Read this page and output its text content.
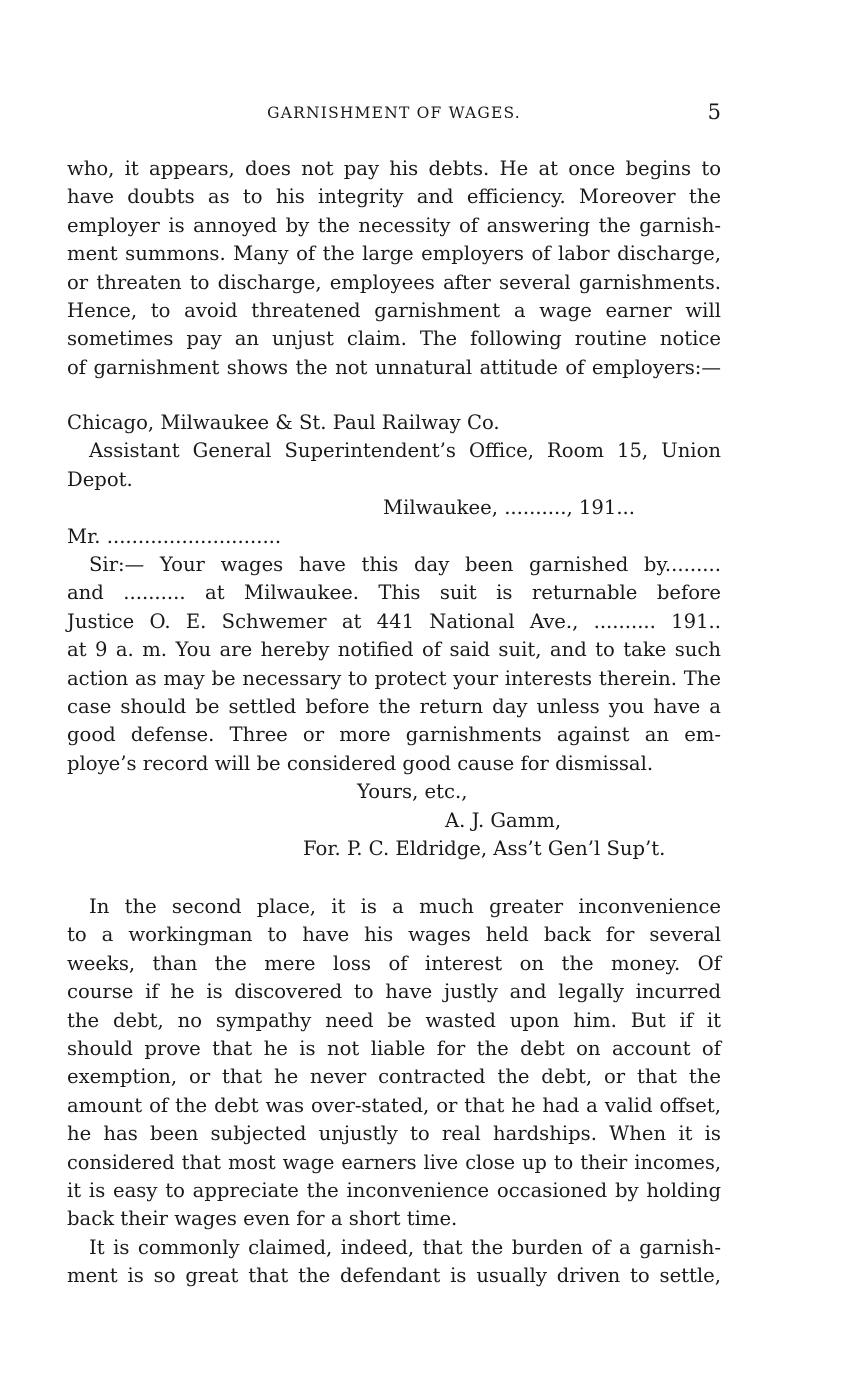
GARNISHMENT OF WAGES.	5
who, it appears, does not pay his debts. He at once begins to
have doubts as to his integrity and efficiency. Moreover the
employer is annoyed by the necessity of answering the garnish-
ment summons. Many of the large employers of labor discharge,
or threaten to discharge, employees after several garnishments.
Hence, to avoid threatened garnishment a wage earner will
sometimes pay an unjust claim. The following routine notice
of garnishment shows the not unnatural attitude of employers:—
Chicago, Milwaukee & St. Paul Railway Co.
Assistant General Superintendent’s Office, Room 15, Union
Depot.
Milwaukee, .........., 191...
Mr. ............................
Sir:— Your wages have this day been garnished by.........
and .......... at Milwaukee. This suit is returnable before
Justice O. E. Schwemer at 441 National Ave., .......... 191..
at 9 a. m. You are hereby notified of said suit, and to take such
action as may be necessary to protect your interests therein. The
case should be settled before the return day unless you have a
good defense. Three or more garnishments against an em-
ploye’s record will be considered good cause for dismissal.
Yours, etc.,
A. J. Gamm,
For. P. C. Eldridge, Ass’t Gen’l Sup’t.
In the second place, it is a much greater inconvenience
to a workingman to have his wages held back for several
weeks, than the mere loss of interest on the money. Of
course if he is discovered to have justly and legally incurred
the debt, no sympathy need be wasted upon him. But if it
should prove that he is not liable for the debt on account of
exemption, or that he never contracted the debt, or that the
amount of the debt was over-stated, or that he had a valid offset,
he has been subjected unjustly to real hardships. When it is
considered that most wage earners live close up to their incomes,
it is easy to appreciate the inconvenience occasioned by holding
back their wages even for a short time.
It is commonly claimed, indeed, that the burden of a garnish-
ment is so great that the defendant is usually driven to settle,
